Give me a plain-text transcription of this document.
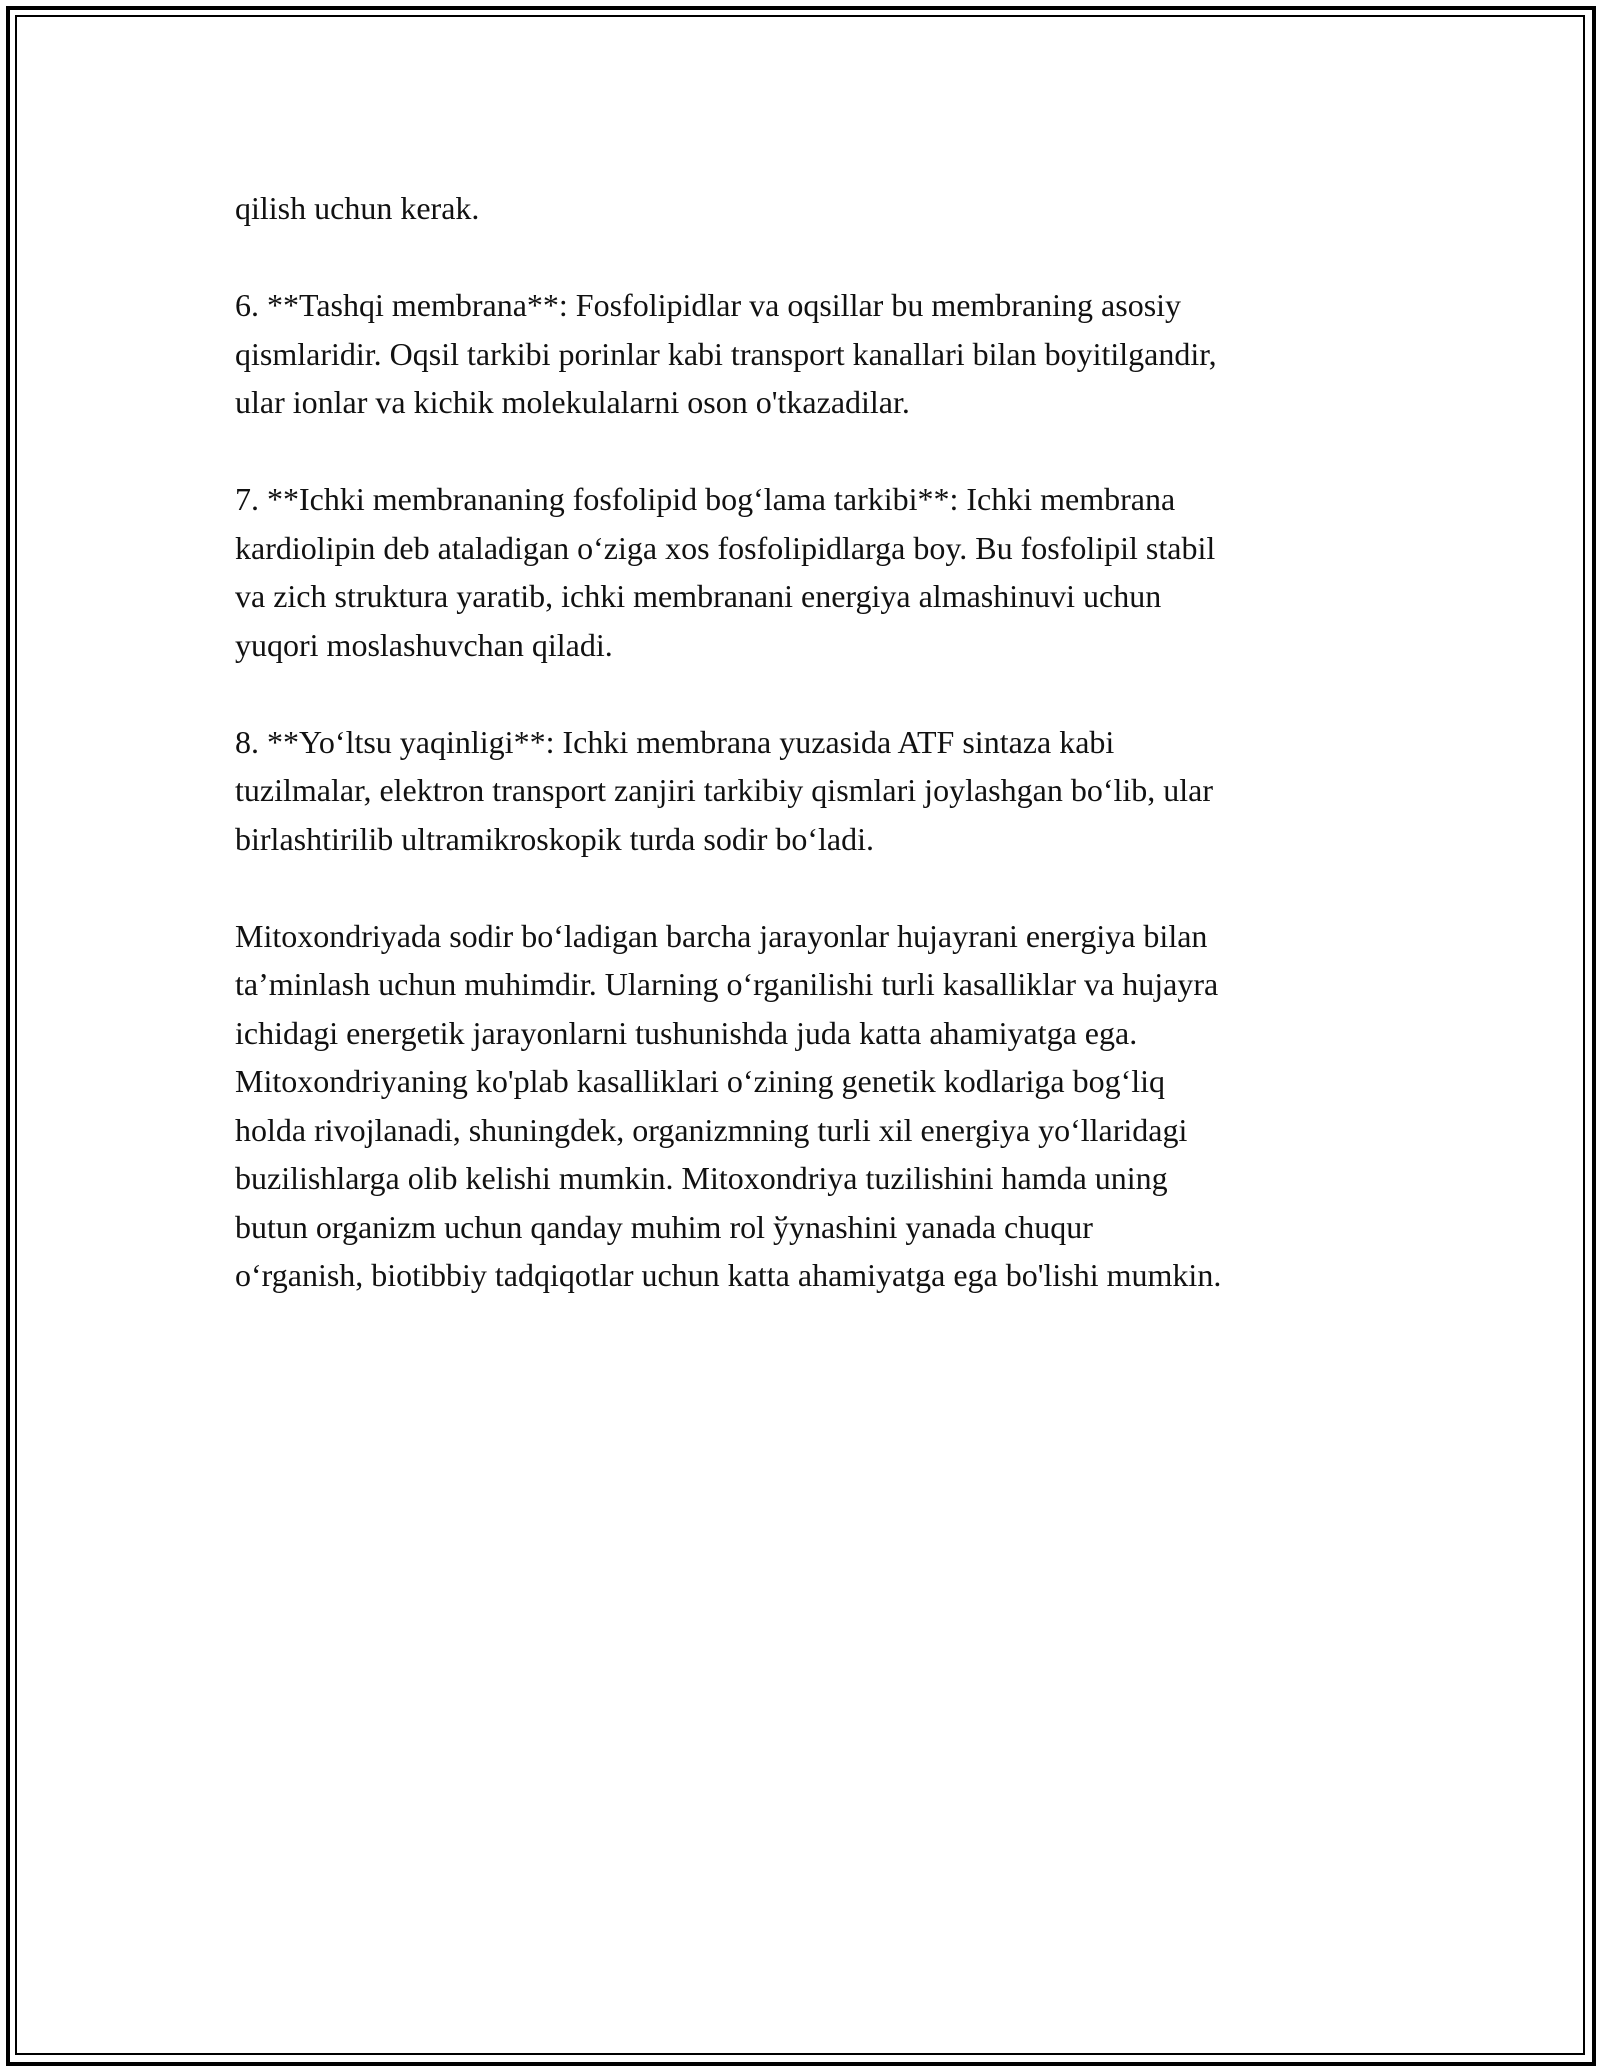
qilish uchun kerak.

6. **Tashqi membrana**: Fosfolipidlar va oqsillar bu membraning asosiy
qismlaridir. Oqsil tarkibi porinlar kabi transport kanallari bilan boyitilgandir,
ular ionlar va kichik molekulalarni oson o'tkazadilar.

7. **Ichki membrananing fosfolipid bog‘lama tarkibi**: Ichki membrana
kardiolipin deb ataladigan o‘ziga xos fosfolipidlarga boy. Bu fosfolipil stabil
va zich struktura yaratib, ichki membranani energiya almashinuvi uchun
yuqori moslashuvchan qiladi.

8. **Yo‘ltsu yaqinligi**: Ichki membrana yuzasida ATF sintaza kabi
tuzilmalar, elektron transport zanjiri tarkibiy qismlari joylashgan bo‘lib, ular
birlashtirilib ultramikroskopik turda sodir bo‘ladi.

Mitoxondriyada sodir bo‘ladigan barcha jarayonlar hujayrani energiya bilan
ta’minlash uchun muhimdir. Ularning o‘rganilishi turli kasalliklar va hujayra
ichidagi energetik jarayonlarni tushunishda juda katta ahamiyatga ega.
Mitoxondriyaning ko'plab kasalliklari o‘zining genetik kodlariga bog‘liq
holda rivojlanadi, shuningdek, organizmning turli xil energiya yo‘llaridagi
buzilishlarga olib kelishi mumkin. Mitoxondriya tuzilishini hamda uning
butun organizm uchun qanday muhim rol ўynashini yanada chuqur
o‘rganish, biotibbiy tadqiqotlar uchun katta ahamiyatga ega bo'lishi mumkin.
